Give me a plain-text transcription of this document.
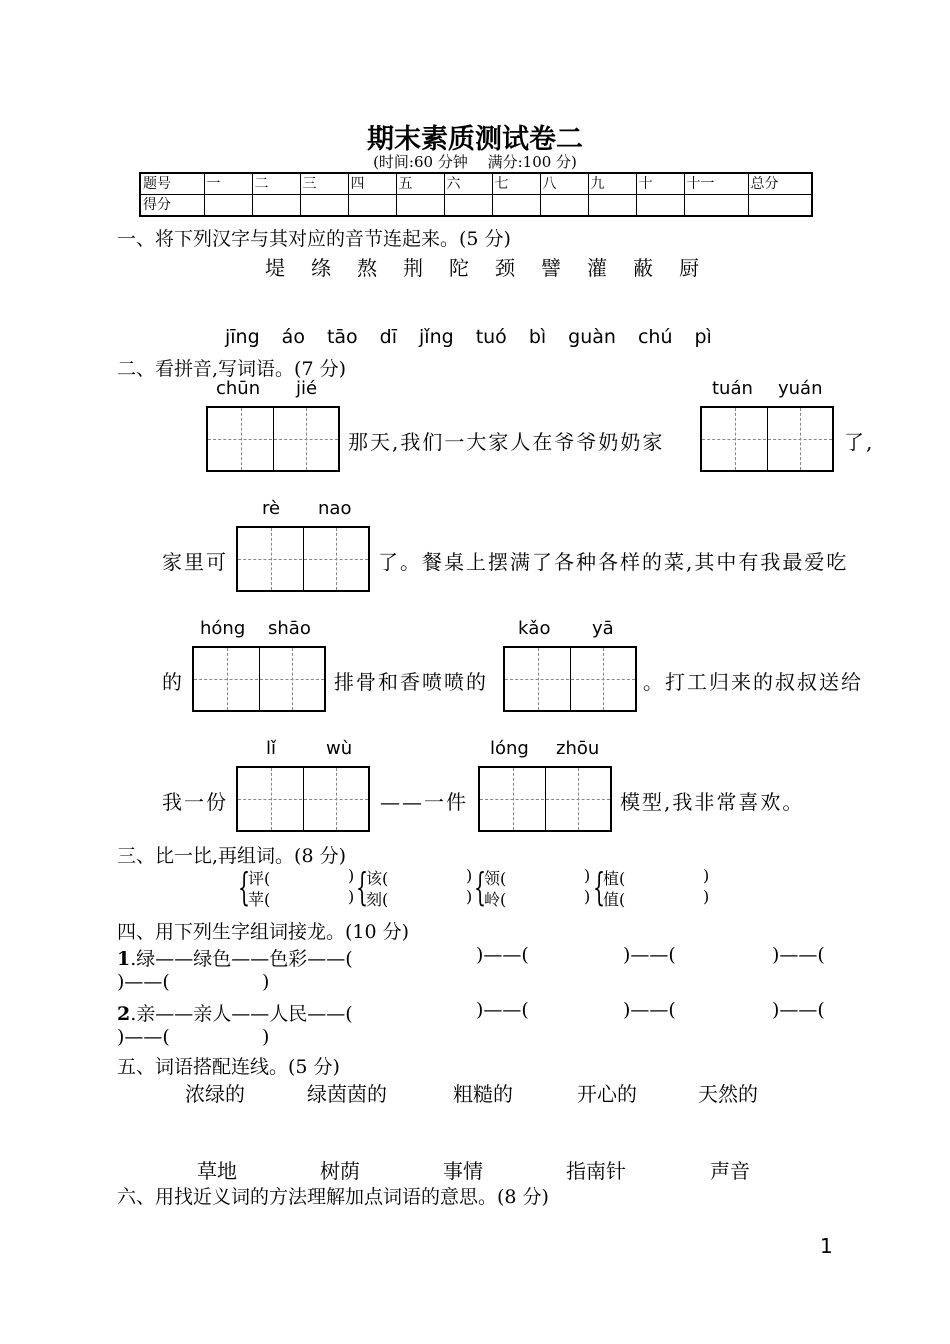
期末素质测试卷二
(时间:60 分钟　 满分:100 分)
题号	一	二	三	四	五	六	七	八	九	十	十一	总分
得分												
一、将下列汉字与其对应的音节连起来。(5 分)
堤 绦 熬 荆 陀 颈 譬 灌 蔽 厨
jīng áo tāo dī jǐng tuó bì guàn chú pì
二、看拼音,写词语。(7 分)
chūn jié
那天,我们一大家人在爷爷奶奶家
tuán yuán
了,
家里可
rè nao
了。餐桌上摆满了各种各样的菜,其中有我最爱吃
的
hóng shāo
排骨和香喷喷的
kǎo yā
。打工归来的叔叔送给
我一份
lǐ	wù
——一件
lóng zhōu
模型,我非常喜欢。
三、比一比,再组词。(8 分)
{
评(
苹(
)
) {
该(
刻(
)
) {
领(
岭(
)
) {
植(
值(
)
)
四、用下列生字组词接龙。(10 分)
1.绿——绿色——色彩——(	)——(	)——(	)——(
)——(	)
2.亲——亲人——人民——(	)——(	)——(	)——(
)——(	)
五、词语搭配连线。(5 分)
浓绿的	绿茵茵的	粗糙的	开心的	天然的
草地	树荫	事情	指南针	声音
六、用找近义词的方法理解加点词语的意思。(8 分)
1
